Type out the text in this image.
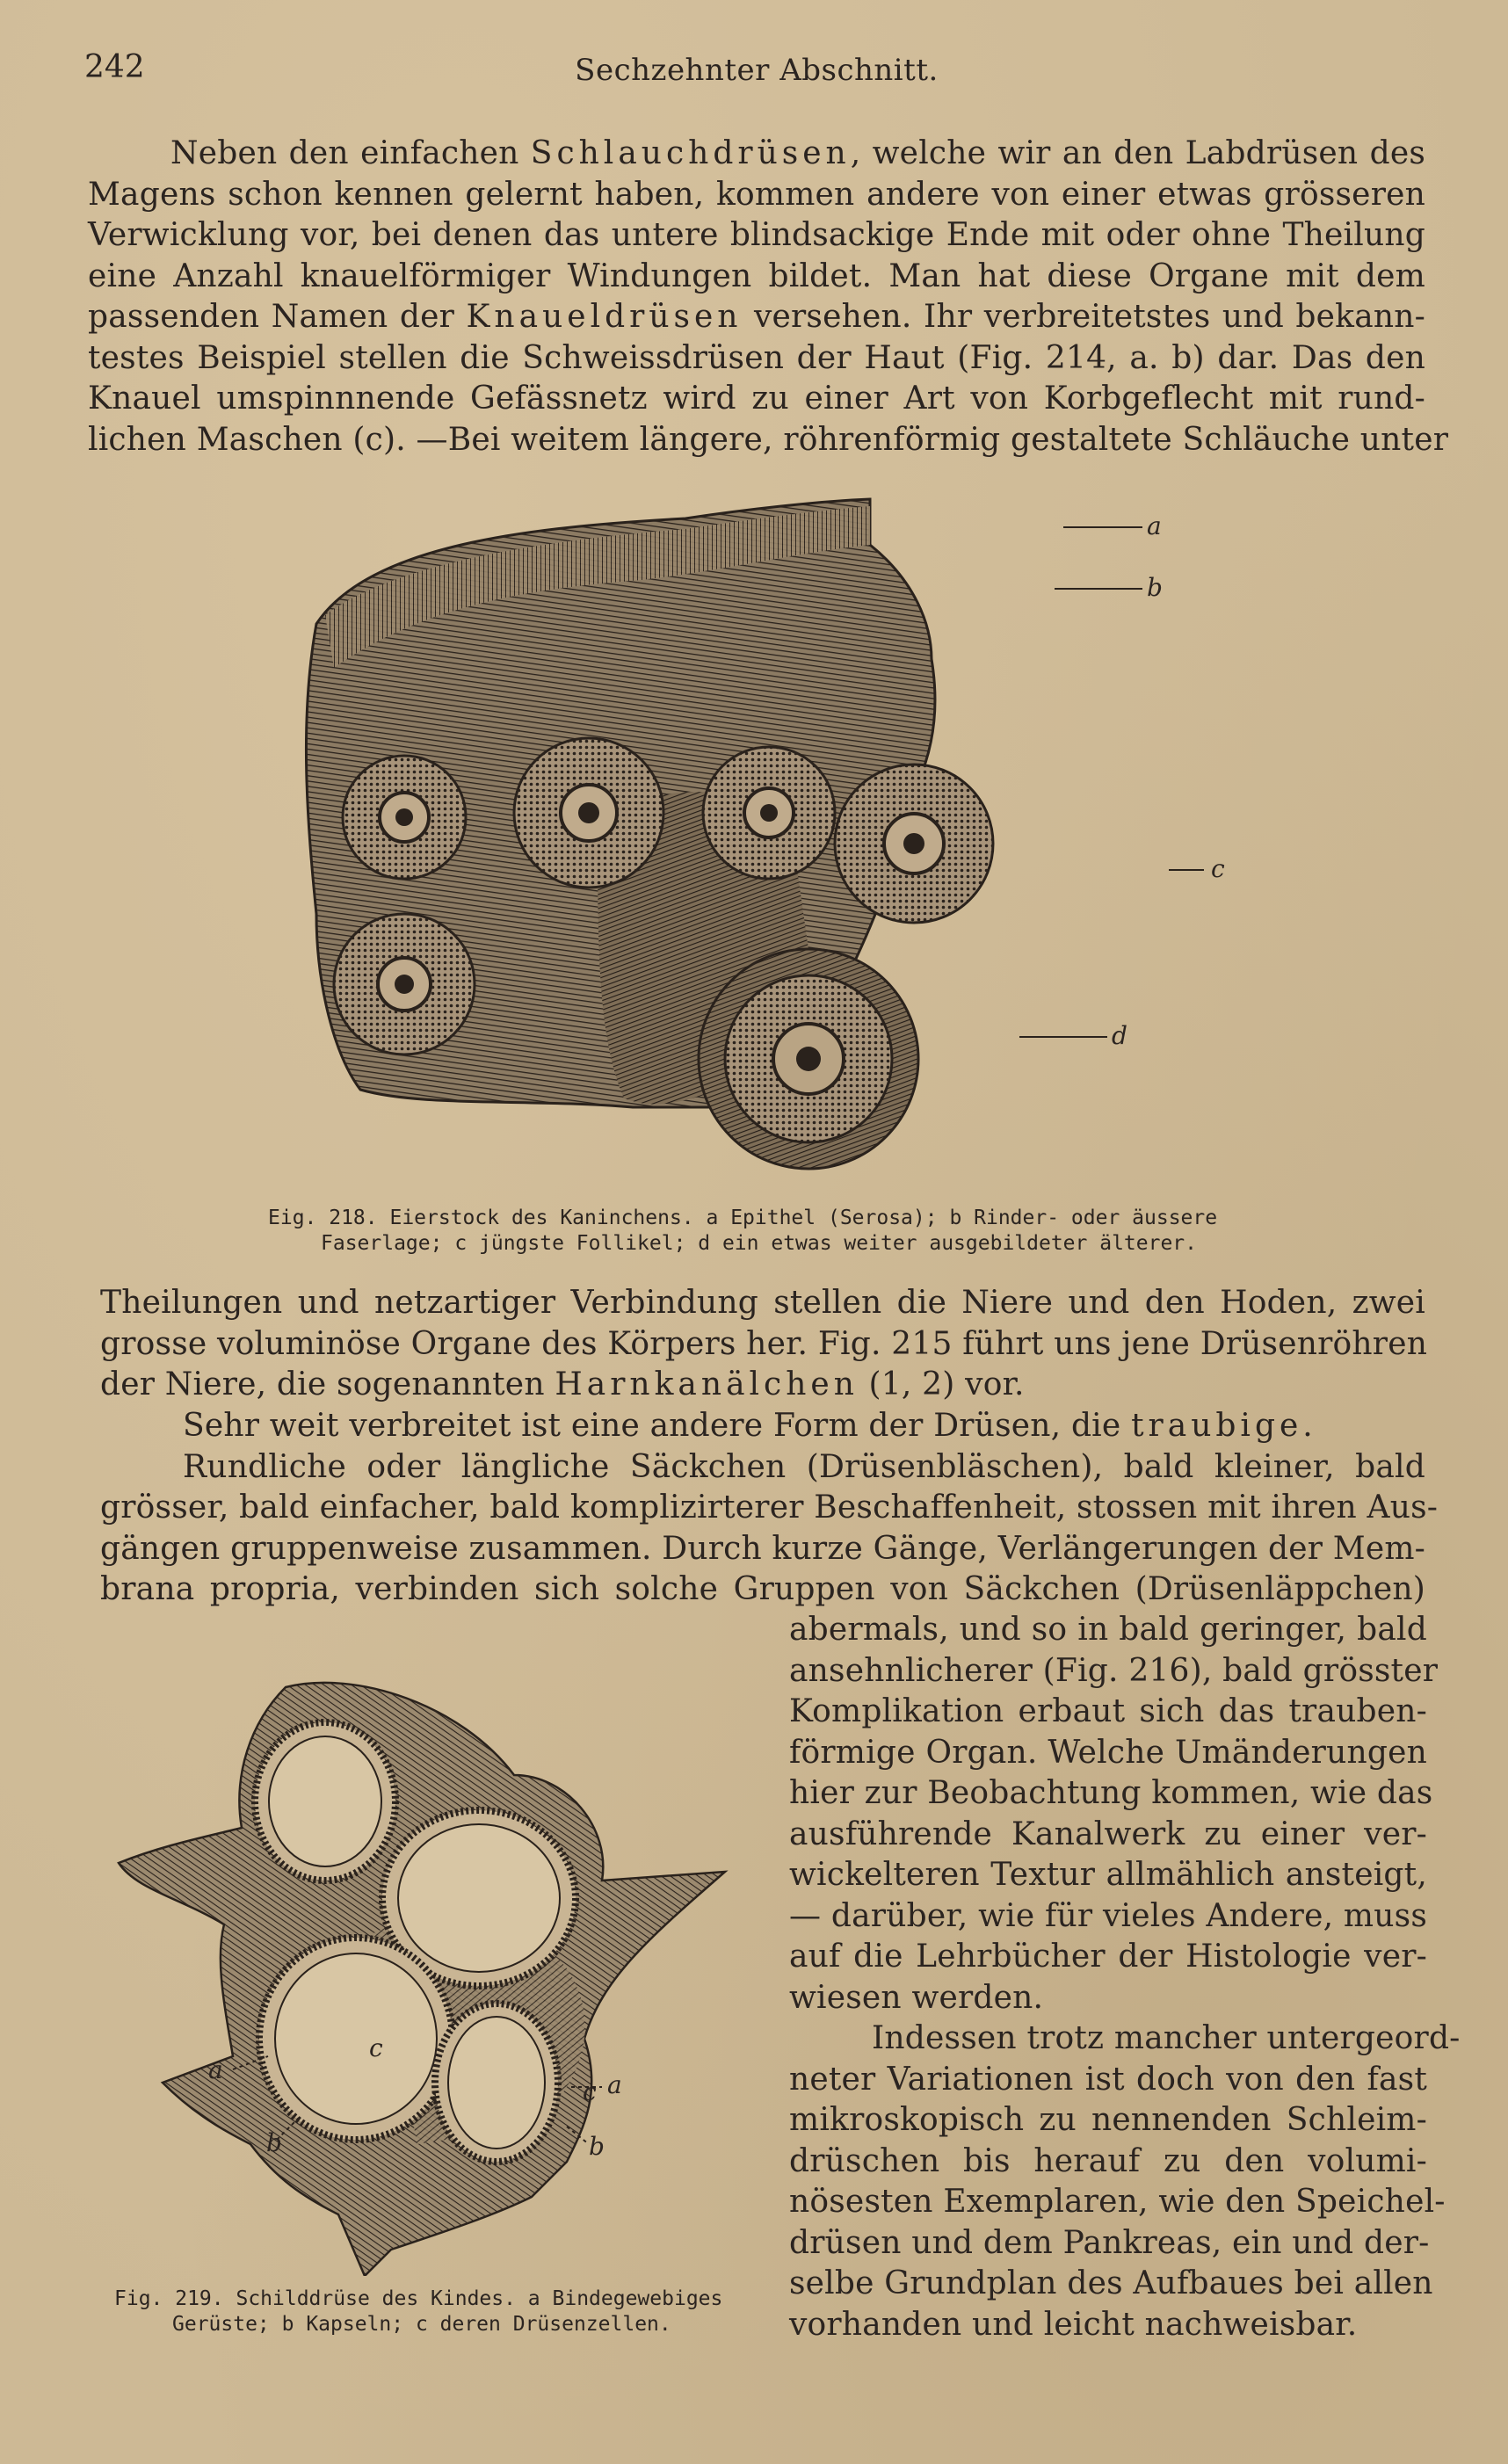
242	Sechzehnter Abschnitt.
Neben den einfachen Schlauchdrüsen, welche wir an den Labdrüsen des
Magens schon kennen gelernt haben, kommen andere von einer etwas grösseren
Verwicklung vor, bei denen das untere blindsackige Ende mit oder ohne Theilung
eine Anzahl knauelförmiger Windungen bildet. Man hat diese Organe mit dem
passenden Namen der Knaueldrüsen versehen. Ihr verbreitetstes und bekann-
testes Beispiel stellen die Schweissdrüsen der Haut (Fig. 214, a. b) dar. Das den
Knauel umspinnnende Gefässnetz wird zu einer Art von Korbgeflecht mit rund-
lichen Maschen (c). —Bei weitem längere, röhrenförmig gestaltete Schläuche unter
a
b
c
d
Eig. 218. Eierstock des Kaninchens. a Epithel (Serosa); b Rinder- oder äussere
Faserlage; c jüngste Follikel; d ein etwas weiter ausgebildeter älterer.
Theilungen und netzartiger Verbindung stellen die Niere und den Hoden, zwei
grosse voluminöse Organe des Körpers her. Fig. 215 führt uns jene Drüsenröhren
der Niere, die sogenannten Harnkanälchen (1, 2) vor.
Sehr weit verbreitet ist eine andere Form der Drüsen, die traubige.
Rundliche oder längliche Säckchen (Drüsenbläschen), bald kleiner, bald
grösser, bald einfacher, bald komplizirterer Beschaffenheit, stossen mit ihren Aus-
gängen gruppenweise zusammen. Durch kurze Gänge, Verlängerungen der Mem-
brana propria, verbinden sich solche Gruppen von Säckchen (Drüsenläppchen)
abermals, und so in bald geringer, bald
ansehnlicherer (Fig. 216), bald grösster
Komplikation erbaut sich das trauben-
förmige Organ. Welche Umänderungen
hier zur Beobachtung kommen, wie das
ausführende Kanalwerk zu einer ver-
wickelteren Textur allmählich ansteigt,
— darüber, wie für vieles Andere, muss
auf die Lehrbücher der Histologie ver-
wiesen werden.
Indessen trotz mancher untergeord-
neter Variationen ist doch von den fast
mikroskopisch zu nennenden Schleim-
drüschen bis herauf zu den volumi-
nösesten Exemplaren, wie den Speichel-
drüsen und dem Pankreas, ein und der-
selbe Grundplan des Aufbaues bei allen
vorhanden und leicht nachweisbar.
a
b
c
c a
b
Fig. 219. Schilddrüse des Kindes. a Bindegewebiges
Gerüste; b Kapseln; c deren Drüsenzellen.
